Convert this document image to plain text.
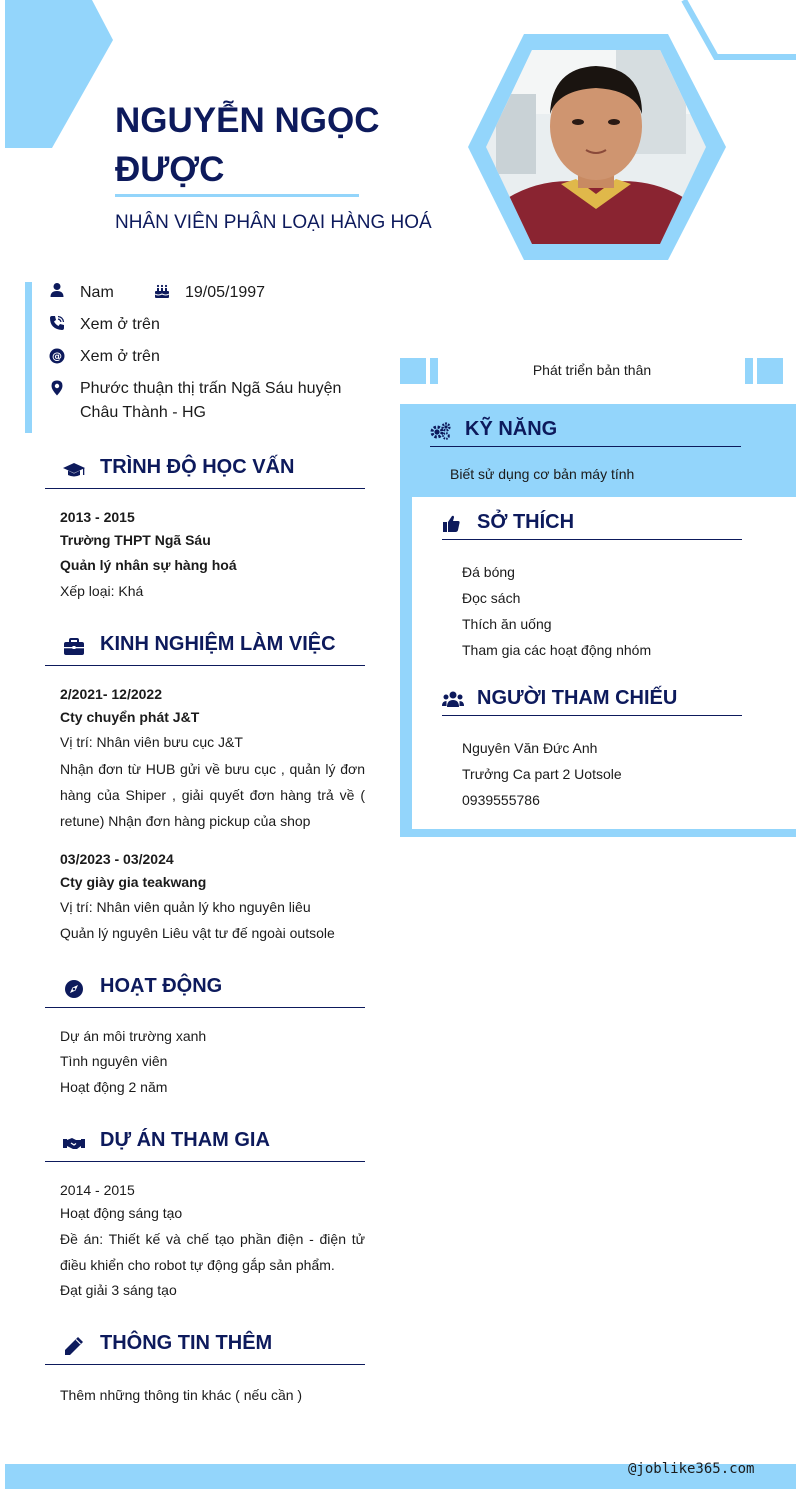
NGUYỄN NGỌC ĐƯỢC
NHÂN VIÊN PHÂN LOẠI HÀNG HOÁ
Nam	19/05/1997
Xem ở trên
@ Xem ở trên
Phước thuận thị trấn Ngã Sáu huyện Châu Thành - HG
TRÌNH ĐỘ HỌC VẤN
2013 - 2015
Trường THPT Ngã Sáu
Quản lý nhân sự hàng hoá
Xếp loại: Khá
KINH NGHIỆM LÀM VIỆC
2/2021- 12/2022
Cty chuyển phát J&T
Vị trí: Nhân viên bưu cục J&T
Nhận đơn từ HUB gửi về bưu cục , quản lý đơn hàng của Shiper , giải quyết đơn hàng trả về ( retune) Nhận đơn hàng pickup của shop
03/2023 - 03/2024
Cty giày gia teakwang
Vị trí: Nhân viên quản lý kho nguyên liêu
Quản lý nguyên Liêu vật tư đế ngoài outsole
HOẠT ĐỘNG
Dự án môi trường xanh
Tình nguyên viên
Hoạt động 2 năm
DỰ ÁN THAM GIA
2014 - 2015
Hoạt động sáng tạo
Đề án: Thiết kế và chế tạo phần điện - điện tử điều khiển cho robot tự động gắp sản phẩm.
Đạt giải 3 sáng tạo
THÔNG TIN THÊM
Thêm những thông tin khác ( nếu cần )
Phát triển bản thân
KỸ NĂNG
Biết sử dụng cơ bản máy tính
SỞ THÍCH
Đá bóng
Đọc sách
Thích ăn uống
Tham gia các hoạt động nhóm
NGƯỜI THAM CHIẾU
Nguyên Văn Đức Anh
Trưởng Ca part 2 Uotsole
0939555786
@joblike365.com
